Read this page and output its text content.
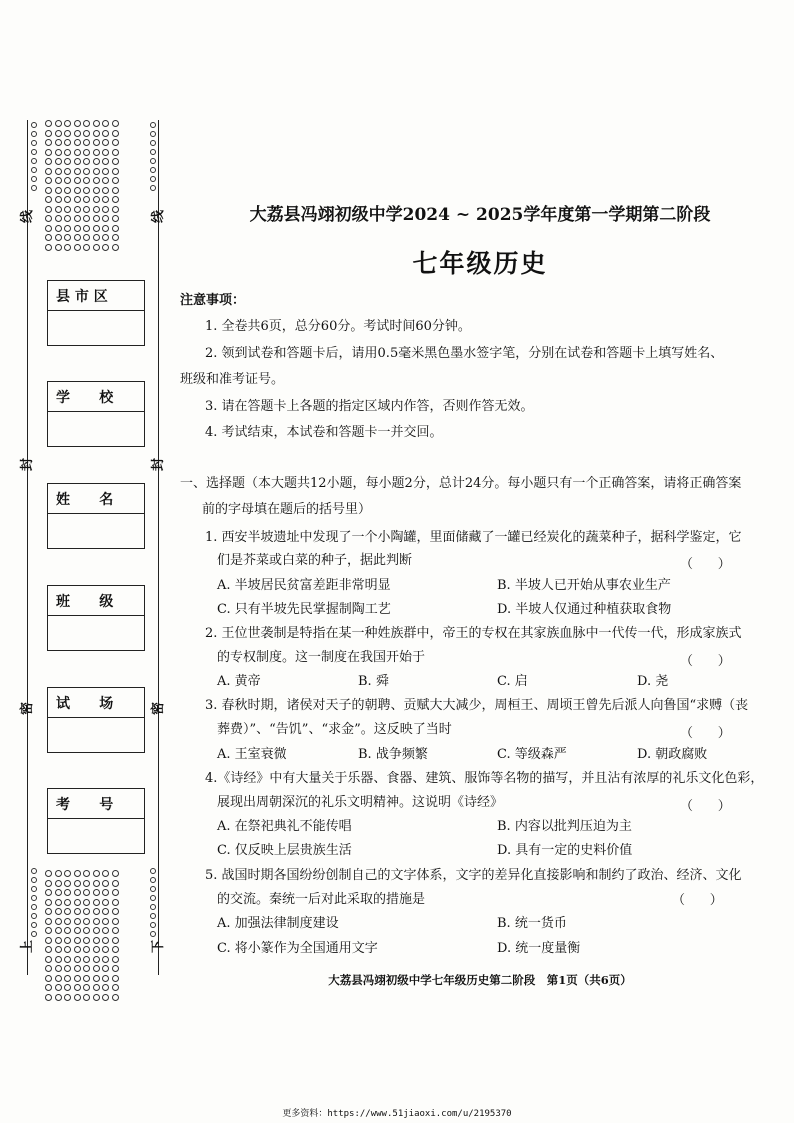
线	线
封	封
密	密
上	下
县 市 区
学      校
姓      名
班      级
试      场
考      号
大荔县冯翊初级中学2024 ~ 2025学年度第一学期第二阶段
七年级历史
注意事项：
1. 全卷共6页，总分60分。考试时间60分钟。
2. 领到试卷和答题卡后，请用0.5毫米黑色墨水签字笔，分别在试卷和答题卡上填写姓名、
班级和准考证号。
3. 请在答题卡上各题的指定区域内作答，否则作答无效。
4. 考试结束，本试卷和答题卡一并交回。
一、选择题（本大题共12小题，每小题2分，总计24分。每小题只有一个正确答案，请将正确答案
前的字母填在题后的括号里）
1. 西安半坡遗址中发现了一个小陶罐，里面储藏了一罐已经炭化的蔬菜种子，据科学鉴定，它
们是芥菜或白菜的种子，据此判断	（      ）
A. 半坡居民贫富差距非常明显	B. 半坡人已开始从事农业生产
C. 只有半坡先民掌握制陶工艺	D. 半坡人仅通过种植获取食物
2. 王位世袭制是特指在某一种姓族群中，帝王的专权在其家族血脉中一代传一代，形成家族式
的专权制度。这一制度在我国开始于	（      ）
A. 黄帝	B. 舜	C. 启	D. 尧
3. 春秋时期，诸侯对天子的朝聘、贡赋大大减少，周桓王、周顷王曾先后派人向鲁国“求赙（丧
葬费）”、“告饥”、“求金”。这反映了当时	（      ）
A. 王室衰微	B. 战争频繁	C. 等级森严	D. 朝政腐败
4.《诗经》中有大量关于乐器、食器、建筑、服饰等名物的描写，并且沾有浓厚的礼乐文化色彩，
展现出周朝深沉的礼乐文明精神。这说明《诗经》	（      ）
A. 在祭祀典礼不能传唱	B. 内容以批判压迫为主
C. 仅反映上层贵族生活	D. 具有一定的史料价值
5. 战国时期各国纷纷创制自己的文字体系，文字的差异化直接影响和制约了政治、经济、文化
的交流。秦统一后对此采取的措施是	（      ）
A. 加强法律制度建设	B. 统一货币
C. 将小篆作为全国通用文字	D. 统一度量衡
大荔县冯翊初级中学七年级历史第二阶段　第1页（共6页）
更多资料：https://www.51jiaoxi.com/u/2195370
